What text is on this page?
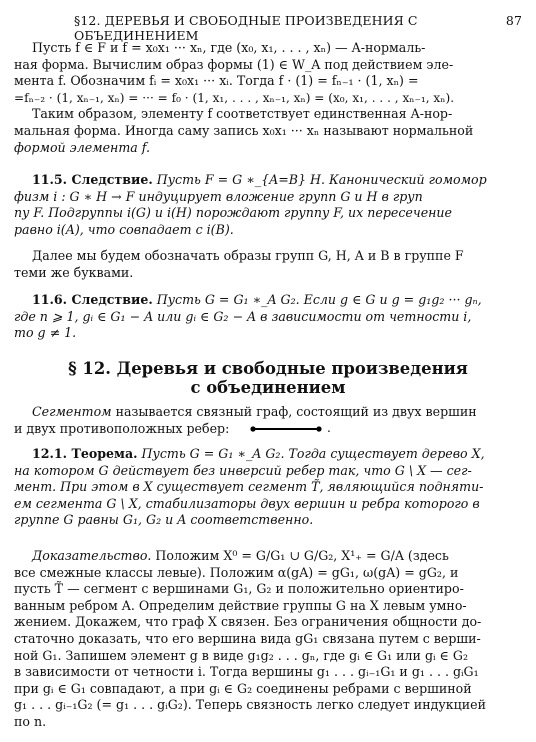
§12. ДЕРЕВЬЯ И СВОБОДНЫЕ ПРОИЗВЕДЕНИЯ С ОБЪЕДИНЕНИЕМ
87

Пусть f ∈ F и f = x₀x₁ ··· xₙ, где (x₀, x₁, . . . , xₙ) — A-нормаль-

ная форма. Вычислим образ формы (1) ∈ W_A под действием эле-

мента f. Обозначим fᵢ = x₀x₁ ··· xᵢ. Тогда f · (1) = fₙ₋₁ · (1, xₙ) =

=fₙ₋₂ · (1, xₙ₋₁, xₙ) = ··· = f₀ · (1, x₁, . . . , xₙ₋₁, xₙ) = (x₀, x₁, . . . , xₙ₋₁, xₙ).

Таким образом, элементу f соответствует единственная A-нор-

мальная форма. Иногда саму запись x₀x₁ ··· xₙ называют нормальной

формой элемента f.

11.5. Следствие. Пусть F = G ∗_{A=B} H. Канонический гомомор

физм i : G ∗ H → F индуцирует вложение групп G и H в груп

пу F. Подгруппы i(G) и i(H) порождают группу F, их пересечение

равно i(A), что совпадает с i(B).

Далее мы будем обозначать образы групп G, H, A и B в группе F

теми же буквами.

11.6. Следствие. Пусть G = G₁ ∗_A G₂. Если g ∈ G и g = g₁g₂ ··· gₙ,

где n ⩾ 1, gᵢ ∈ G₁ − A или gᵢ ∈ G₂ − A в зависимости от четности i,

то g ≠ 1.

§ 12. Деревья и свободные произведения
с объединением

Сегментом называется связный граф, состоящий из двух вершин

и двух противоположных ребер:	.

12.1. Теорема. Пусть G = G₁ ∗_A G₂. Тогда существует дерево X,

на котором G действует без инверсий ребер так, что G \ X — сег-

мент. При этом в X существует сегмент T̃, являющийся подняти-

ем сегмента G \ X, стабилизаторы двух вершин и ребра которого в

группе G равны G₁, G₂ и A соответственно.

Доказательство. Положим X⁰ = G/G₁ ∪ G/G₂, X¹₊ = G/A (здесь

все смежные классы левые). Положим α(gA) = gG₁, ω(gA) = gG₂, и

пусть T̃ — сегмент с вершинами G₁, G₂ и положительно ориентиро-

ванным ребром A. Определим действие группы G на X левым умно-

жением. Докажем, что граф X связен. Без ограничения общности до-

статочно доказать, что его вершина вида gG₁ связана путем с верши-

ной G₁. Запишем элемент g в виде g₁g₂ . . . gₙ, где gᵢ ∈ G₁ или gᵢ ∈ G₂

в зависимости от четности i. Тогда вершины g₁ . . . gᵢ₋₁G₁ и g₁ . . . gᵢG₁

при gᵢ ∈ G₁ совпадают, а при gᵢ ∈ G₂ соединены ребрами с вершиной

g₁ . . . gᵢ₋₁G₂ (= g₁ . . . gᵢG₂). Теперь связность легко следует индукцией

по n.
